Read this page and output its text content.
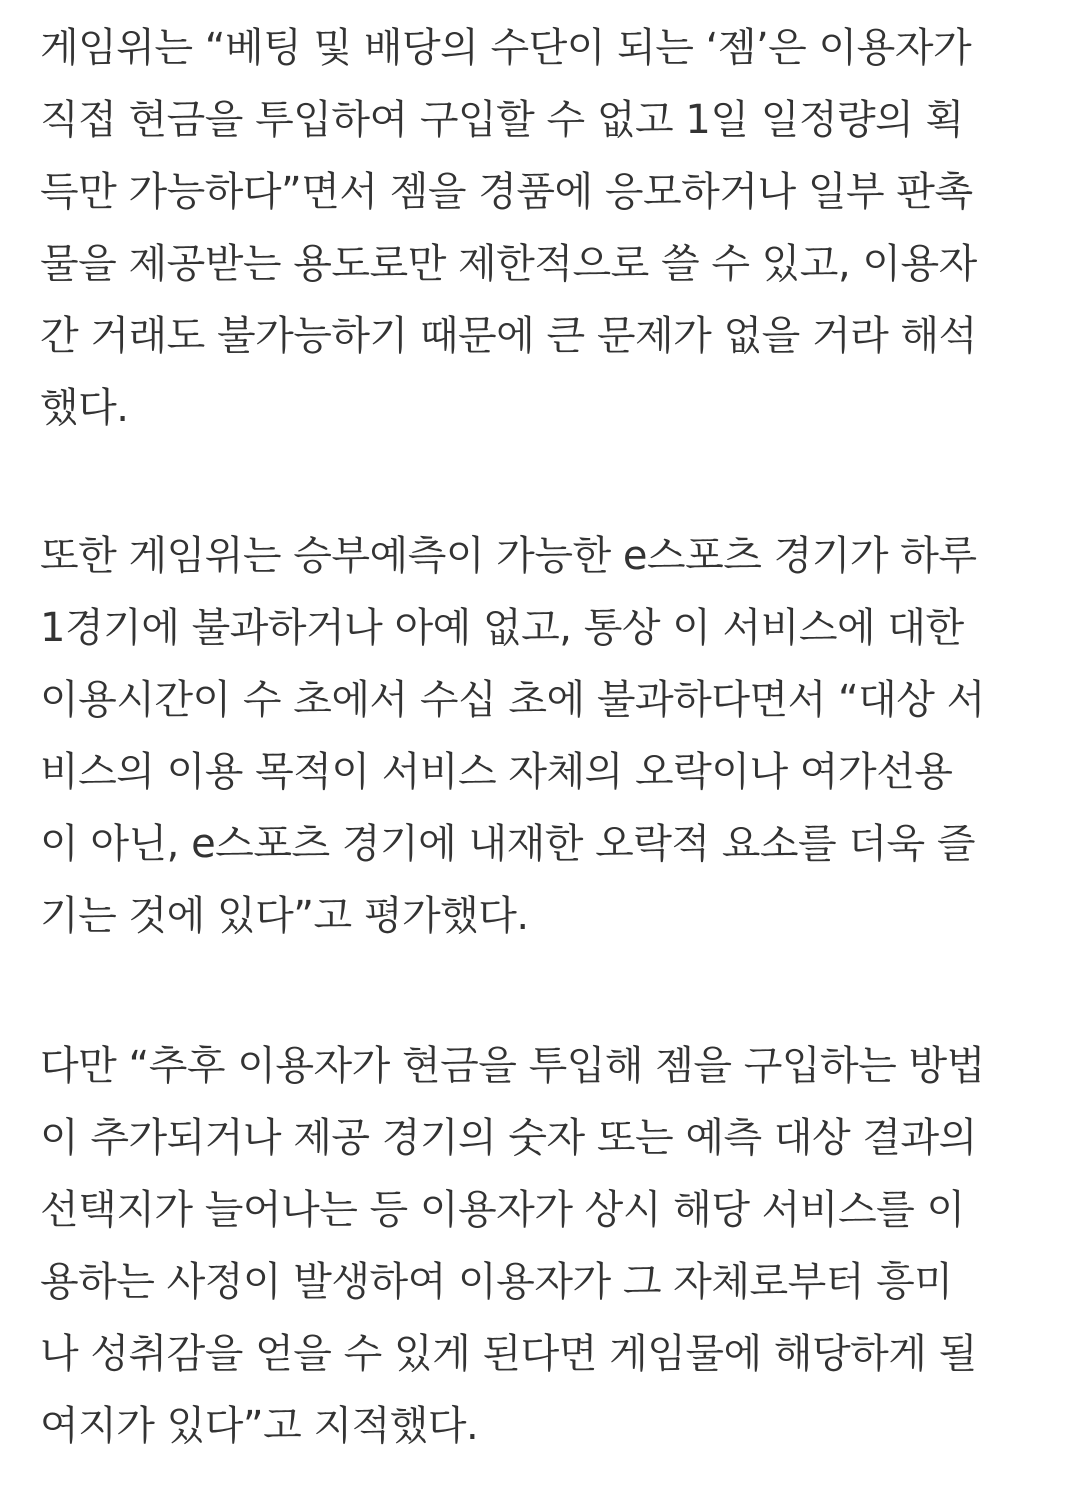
게임위는 “베팅 및 배당의 수단이 되는 ‘젬’은 이용자가
직접 현금을 투입하여 구입할 수 없고 1일 일정량의 획
득만 가능하다”면서 젬을 경품에 응모하거나 일부 판촉
물을 제공받는 용도로만 제한적으로 쓸 수 있고, 이용자
간 거래도 불가능하기 때문에 큰 문제가 없을 거라 해석
했다.
또한 게임위는 승부예측이 가능한 e스포츠 경기가 하루
1경기에 불과하거나 아예 없고, 통상 이 서비스에 대한
이용시간이 수 초에서 수십 초에 불과하다면서 “대상 서
비스의 이용 목적이 서비스 자체의 오락이나 여가선용
이 아닌, e스포츠 경기에 내재한 오락적 요소를 더욱 즐
기는 것에 있다”고 평가했다.
다만 “추후 이용자가 현금을 투입해 젬을 구입하는 방법
이 추가되거나 제공 경기의 숫자 또는 예측 대상 결과의
선택지가 늘어나는 등 이용자가 상시 해당 서비스를 이
용하는 사정이 발생하여 이용자가 그 자체로부터 흥미
나 성취감을 얻을 수 있게 된다면 게임물에 해당하게 될
여지가 있다”고 지적했다.
